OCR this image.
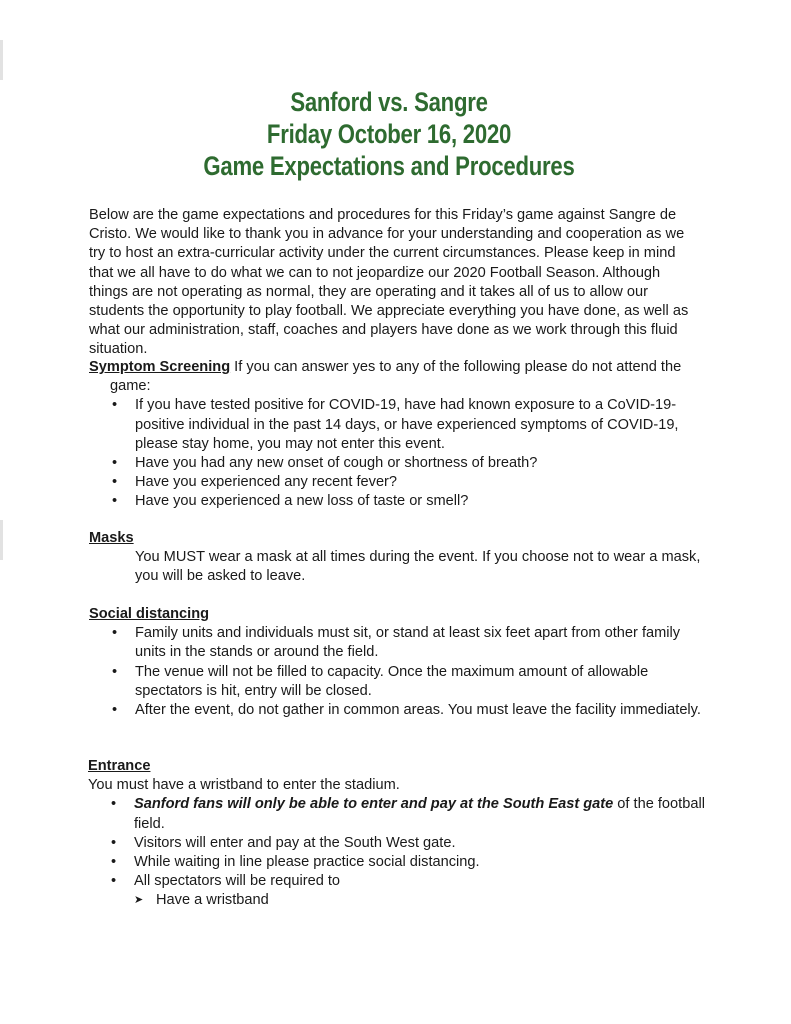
Sanford vs. Sangre
Friday October 16, 2020
Game Expectations and Procedures
Below are the game expectations and procedures for this Friday’s game against Sangre de Cristo. We would like to thank you in advance for your understanding and cooperation as we try to host an extra-curricular activity under the current circumstances. Please keep in mind that we all have to do what we can to not jeopardize our 2020 Football Season. Although things are not operating as normal, they are operating and it takes all of us to allow our students the opportunity to play football. We appreciate everything you have done, as well as what our administration, staff, coaches and players have done as we work through this fluid situation.
Symptom Screening If you can answer yes to any of the following please do not attend the game:
• If you have tested positive for COVID-19, have had known exposure to a CoVID-19-positive individual in the past 14 days, or have experienced symptoms of COVID-19, please stay home, you may not enter this event.
• Have you had any new onset of cough or shortness of breath?
• Have you experienced any recent fever?
• Have you experienced a new loss of taste or smell?
Masks
You MUST wear a mask at all times during the event. If you choose not to wear a mask, you will be asked to leave.
Social distancing
• Family units and individuals must sit, or stand at least six feet apart from other family units in the stands or around the field.
• The venue will not be filled to capacity. Once the maximum amount of allowable spectators is hit, entry will be closed.
• After the event, do not gather in common areas. You must leave the facility immediately.
Entrance
You must have a wristband to enter the stadium.
• Sanford fans will only be able to enter and pay at the South East gate of the football field.
• Visitors will enter and pay at the South West gate.
• While waiting in line please practice social distancing.
• All spectators will be required to
➤ Have a wristband
